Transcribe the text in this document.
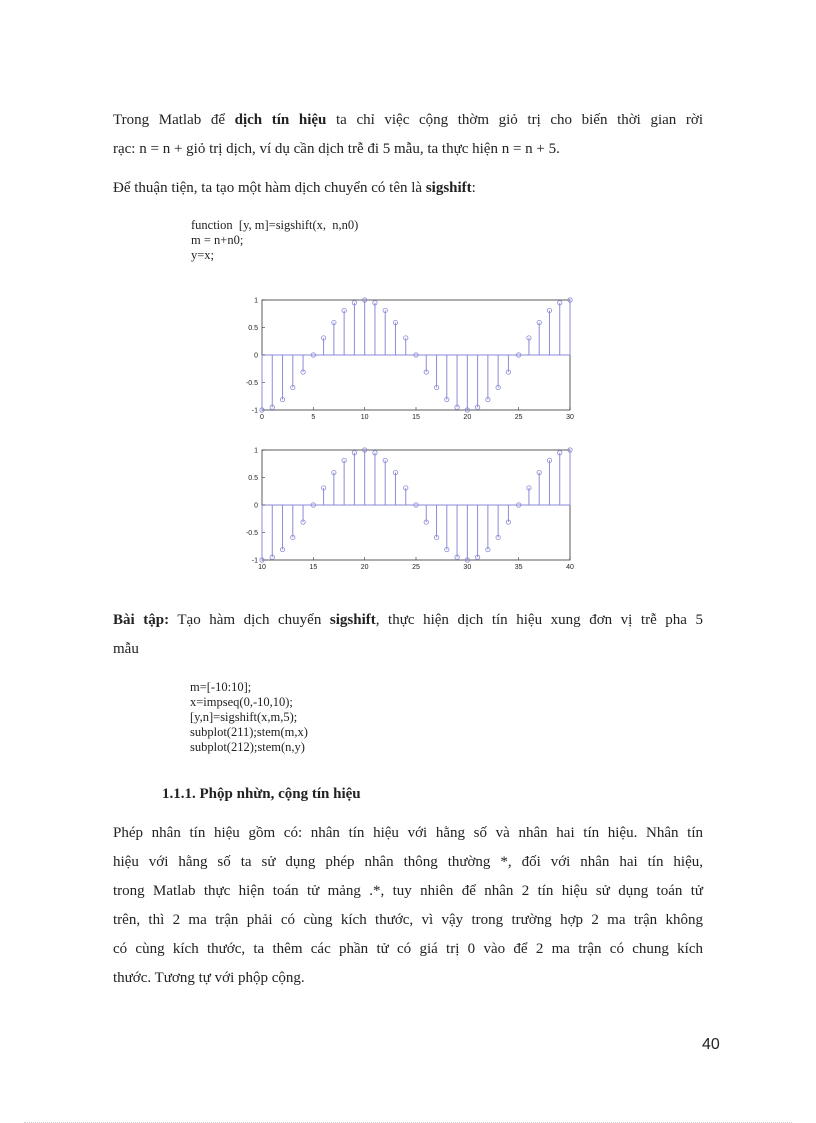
Trong Matlab để dịch tín hiệu ta chỉ việc cộng thờm giỏ trị cho biến thời gian rời
rạc: n = n + giỏ trị dịch, ví dụ cần dịch trễ đi 5 mẫu, ta thực hiện n = n + 5.

Để thuận tiện, ta tạo một hàm dịch chuyển có tên là sigshift:

function  [y, m]=sigshift(x,  n,n0)
m = n+n0;
y=x;
1
0.5
0
-0.5
-1
0	5	10	15	20	25	30
1
0.5
0
-0.5
-1
10	15	20	25	30	35	40

Bài tập: Tạo hàm dịch chuyển sigshift, thực hiện dịch tín hiệu xung đơn vị trễ pha 5
mẫu

m=[-10:10];
x=impseq(0,-10,10);
[y,n]=sigshift(x,m,5);
subplot(211);stem(m,x)
subplot(212);stem(n,y)
1.1.1. Phộp nhừn, cộng tín hiệu

Phép nhân tín hiệu gồm có: nhân tín hiệu với hằng số và nhân hai tín hiệu. Nhân tín
hiệu với hằng số ta sử dụng phép nhân thông thường *, đối với nhân hai tín hiệu,
trong Matlab thực hiện toán tử mảng .*, tuy nhiên để nhân 2 tín hiệu sử dụng toán tử
trên, thì 2 ma trận phải có cùng kích thước, vì vậy trong trường hợp 2 ma trận không
có cùng kích thước, ta thêm các phần tử có giá trị 0 vào để 2 ma trận có chung kích
thước. Tương tự với phộp cộng.

40
